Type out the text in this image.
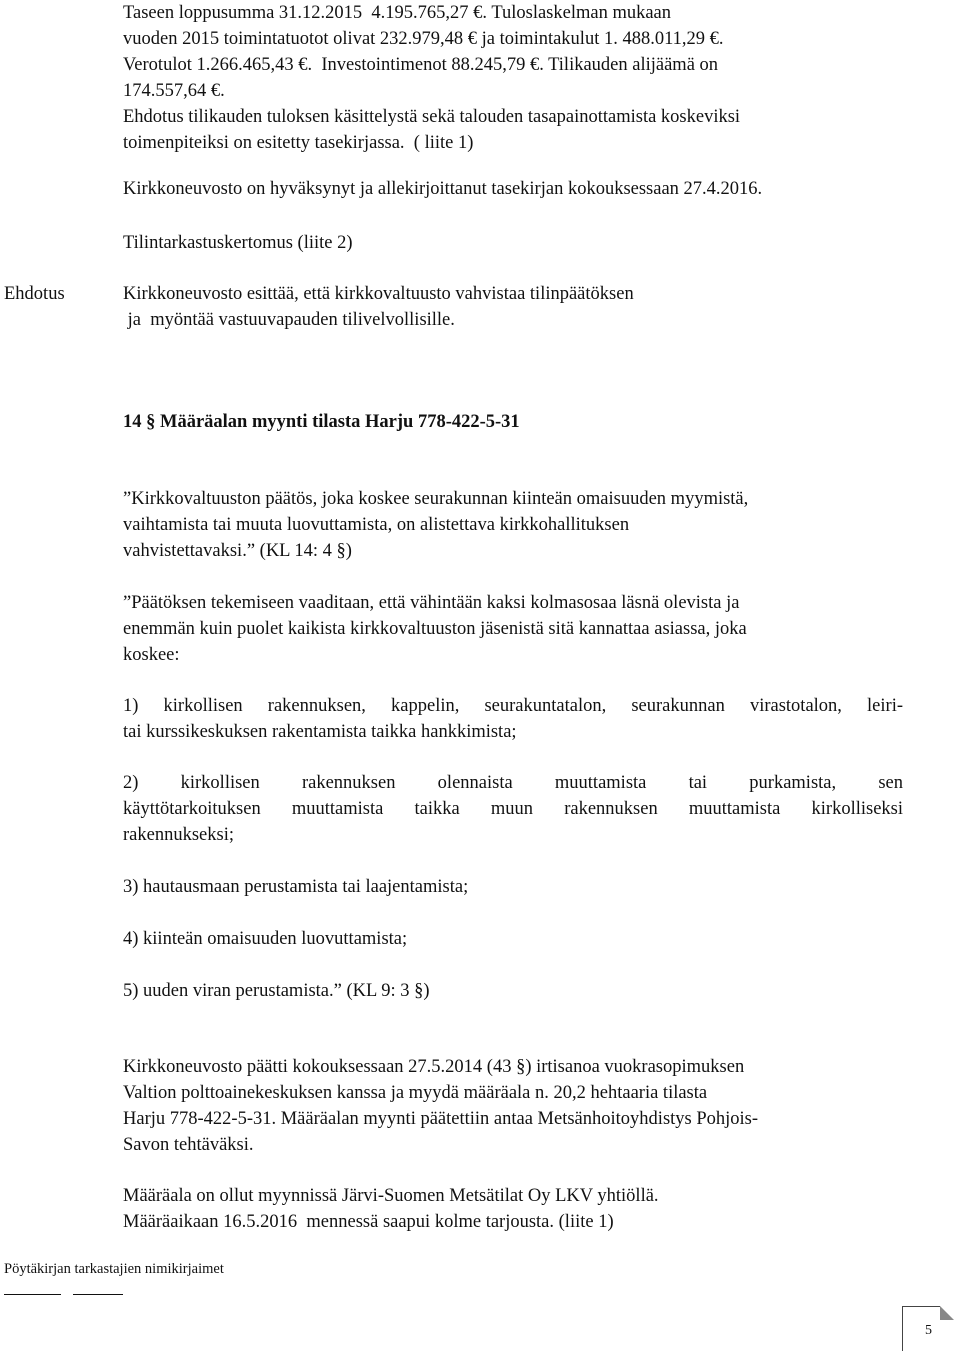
Taseen loppusumma 31.12.2015  4.195.765,27 €. Tuloslaskelman mukaan
vuoden 2015 toimintatuotot olivat 232.979,48 € ja toimintakulut 1. 488.011,29 €.
Verotulot 1.266.465,43 €.  Investointimenot 88.245,79 €. Tilikauden alijäämä on
174.557,64 €.
Ehdotus tilikauden tuloksen käsittelystä sekä talouden tasapainottamista koskeviksi
toimenpiteiksi on esitetty tasekirjassa.  ( liite 1)

Kirkkoneuvosto on hyväksynyt ja allekirjoittanut tasekirjan kokouksessaan 27.4.2016.

Tilintarkastuskertomus (liite 2)

Ehdotus	Kirkkoneuvosto esittää, että kirkkovaltuusto vahvistaa tilinpäätöksen
ja  myöntää vastuuvapauden tilivelvollisille.

14 § Määräalan myynti tilasta Harju 778-422-5-31

”Kirkkovaltuuston päätös, joka koskee seurakunnan kiinteän omaisuuden myymistä,
vaihtamista tai muuta luovuttamista, on alistettava kirkkohallituksen
vahvistettavaksi.” (KL 14: 4 §)
”Päätöksen tekemiseen vaaditaan, että vähintään kaksi kolmasosaa läsnä olevista ja
enemmän kuin puolet kaikista kirkkovaltuuston jäsenistä sitä kannattaa asiassa, joka
koskee:
1) kirkollisen rakennuksen, kappelin, seurakuntatalon, seurakunnan virastotalon, leiri-
tai kurssikeskuksen rakentamista taikka hankkimista;
2)  kirkollisen  rakennuksen  olennaista  muuttamista  tai  purkamista,  sen
käyttötarkoituksen muuttamista taikka muun rakennuksen muuttamista kirkolliseksi
rakennukseksi;

3) hautausmaan perustamista tai laajentamista;

4) kiinteän omaisuuden luovuttamista;

5) uuden viran perustamista.” (KL 9: 3 §)

Kirkkoneuvosto päätti kokouksessaan 27.5.2014 (43 §) irtisanoa vuokrasopimuksen
Valtion polttoainekeskuksen kanssa ja myydä määräala n. 20,2 hehtaaria tilasta
Harju 778-422-5-31. Määräalan myynti päätettiin antaa Metsänhoitoyhdistys Pohjois-
Savon tehtäväksi.
Määräala on ollut myynnissä Järvi-Suomen Metsätilat Oy LKV yhtiöllä.
Määräaikaan 16.5.2016  mennessä saapui kolme tarjousta. (liite 1)
Pöytäkirjan tarkastajien nimikirjaimet
5
